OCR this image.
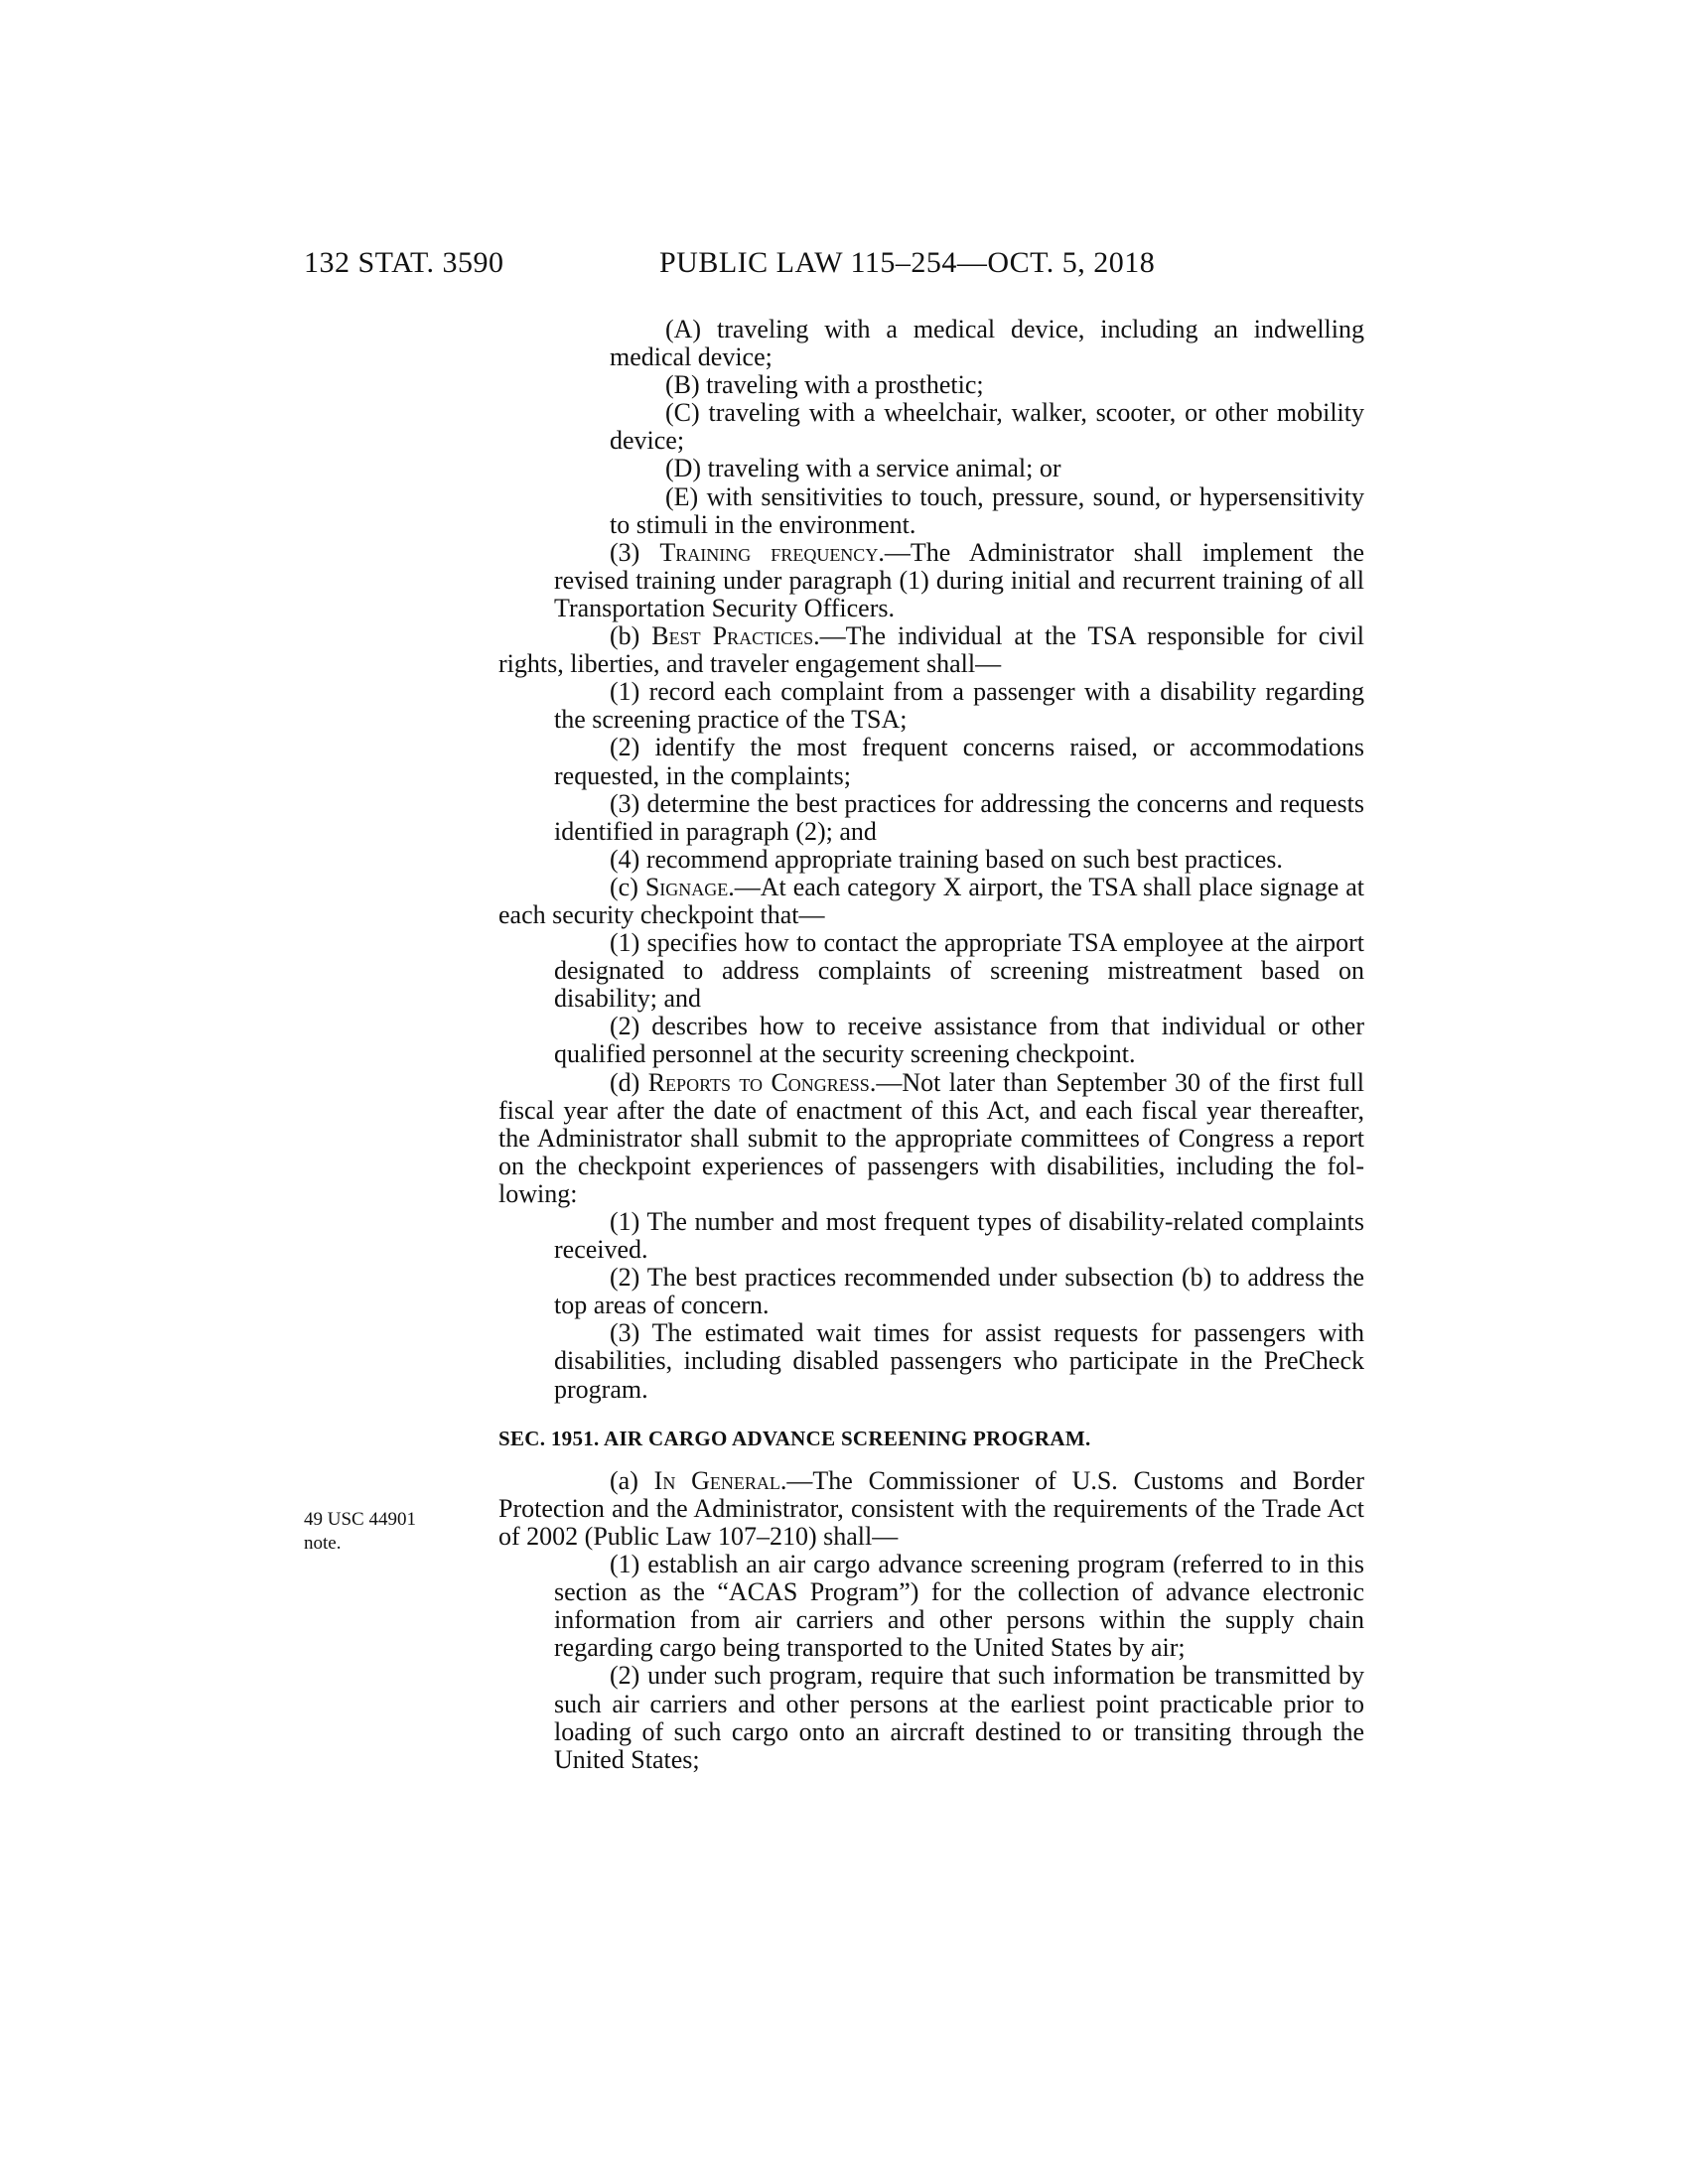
132 STAT. 3590	PUBLIC LAW 115–254—OCT. 5, 2018
49 USC 44901
note.

(A) traveling with a medical device, including an indwelling medical device;

(B) traveling with a prosthetic;

(C) traveling with a wheelchair, walker, scooter, or other mobility device;

(D) traveling with a service animal; or

(E) with sensitivities to touch, pressure, sound, or hypersensitivity to stimuli in the environment.

(3) Training frequency.—The Administrator shall implement the revised training under paragraph (1) during initial and recurrent training of all Transportation Security Officers.

(b) Best Practices.—The individual at the TSA responsible for civil rights, liberties, and traveler engagement shall—

(1) record each complaint from a passenger with a disability regarding the screening practice of the TSA;

(2) identify the most frequent concerns raised, or accommodations requested, in the complaints;

(3) determine the best practices for addressing the concerns and requests identified in paragraph (2); and

(4) recommend appropriate training based on such best practices.

(c) Signage.—At each category X airport, the TSA shall place signage at each security checkpoint that—

(1) specifies how to contact the appropriate TSA employee at the airport designated to address complaints of screening mistreatment based on disability; and

(2) describes how to receive assistance from that individual or other qualified personnel at the security screening checkpoint.

(d) Reports to Congress.—Not later than September 30 of the first full fiscal year after the date of enactment of this Act, and each fiscal year thereafter, the Administrator shall submit to the appropriate committees of Congress a report on the checkpoint experiences of passengers with disabilities, including the following:

(1) The number and most frequent types of disability-related complaints received.

(2) The best practices recommended under subsection (b) to address the top areas of concern.

(3) The estimated wait times for assist requests for passengers with disabilities, including disabled passengers who participate in the PreCheck program.

SEC. 1951. AIR CARGO ADVANCE SCREENING PROGRAM.

(a) In General.—The Commissioner of U.S. Customs and Border Protection and the Administrator, consistent with the requirements of the Trade Act of 2002 (Public Law 107–210) shall—

(1) establish an air cargo advance screening program (referred to in this section as the “ACAS Program”) for the collection of advance electronic information from air carriers and other persons within the supply chain regarding cargo being transported to the United States by air;

(2) under such program, require that such information be transmitted by such air carriers and other persons at the earliest point practicable prior to loading of such cargo onto an aircraft destined to or transiting through the United States;
